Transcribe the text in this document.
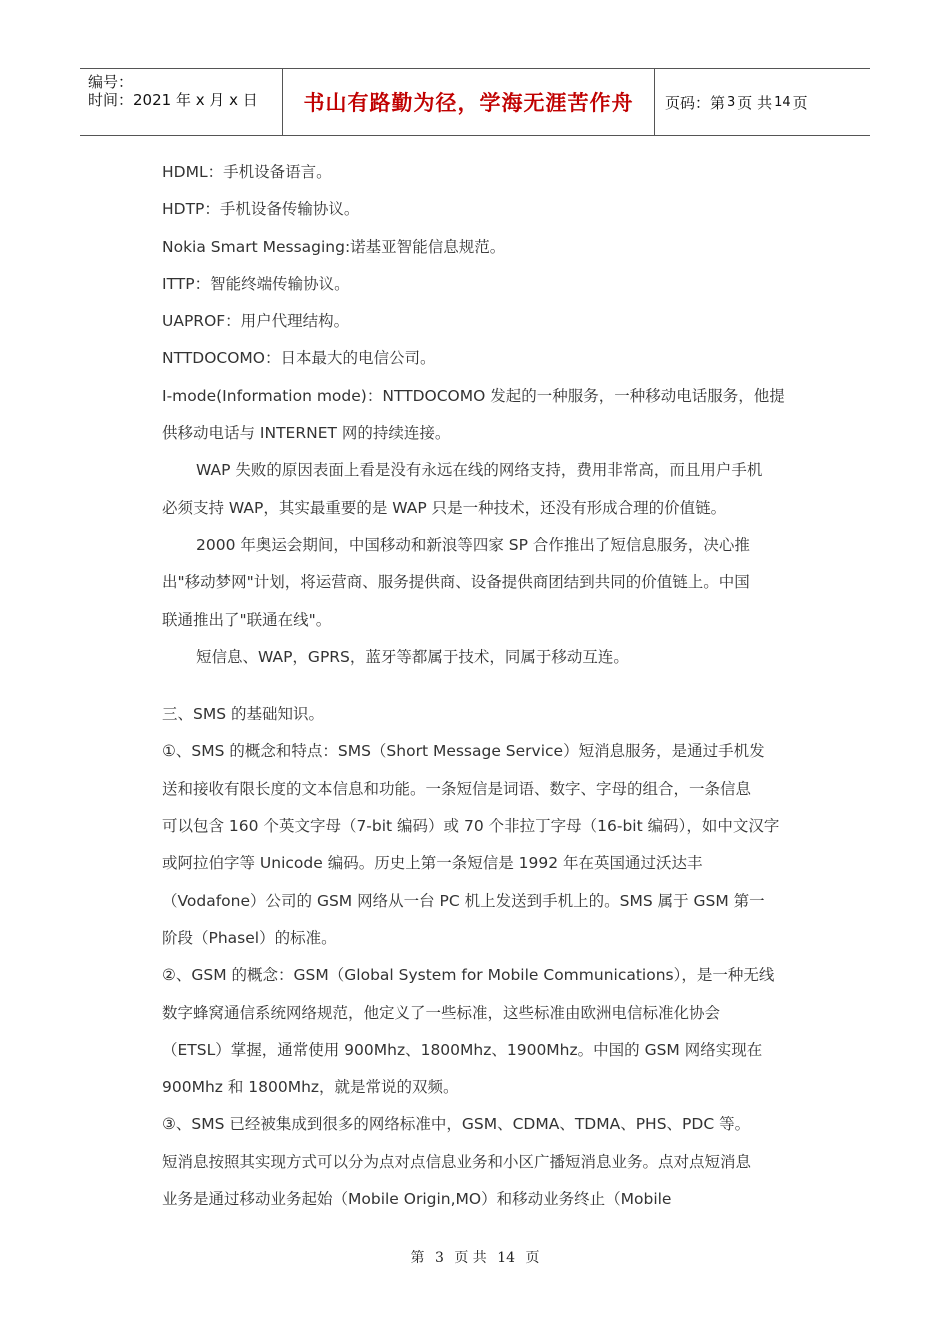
编号：
时间：2021 年 x 月 x 日	书山有路勤为径，学海无涯苦作舟 页码：第 3 页 共 14 页
HDML：手机设备语言。
HDTP：手机设备传输协议。
Nokia Smart Messaging:诺基亚智能信息规范。
ITTP：智能终端传输协议。
UAPROF：用户代理结构。
NTTDOCOMO：日本最大的电信公司。
I-mode(Information mode)：NTTDOCOMO 发起的一种服务，一种移动电话服务，他提
供移动电话与 INTERNET 网的持续连接。
WAP 失败的原因表面上看是没有永远在线的网络支持，费用非常高，而且用户手机
必须支持 WAP，其实最重要的是 WAP 只是一种技术，还没有形成合理的价值链。
2000 年奥运会期间，中国移动和新浪等四家 SP 合作推出了短信息服务，决心推
出"移动梦网"计划，将运营商、服务提供商、设备提供商团结到共同的价值链上。中国
联通推出了"联通在线"。
短信息、WAP，GPRS，蓝牙等都属于技术，同属于移动互连。
三、SMS 的基础知识。
①、SMS 的概念和特点：SMS（Short Message Service）短消息服务，是通过手机发
送和接收有限长度的文本信息和功能。一条短信是词语、数字、字母的组合，一条信息
可以包含 160 个英文字母（7-bit 编码）或 70 个非拉丁字母（16-bit 编码），如中文汉字
或阿拉伯字等 Unicode 编码。历史上第一条短信是 1992 年在英国通过沃达丰
（Vodafone）公司的 GSM 网络从一台 PC 机上发送到手机上的。SMS 属于 GSM 第一
阶段（Phasel）的标准。
②、GSM 的概念：GSM（Global System for Mobile Communications），是一种无线
数字蜂窝通信系统网络规范，他定义了一些标准，这些标准由欧洲电信标准化协会
（ETSL）掌握，通常使用 900Mhz、1800Mhz、1900Mhz。中国的 GSM 网络实现在
900Mhz 和 1800Mhz，就是常说的双频。
③、SMS 已经被集成到很多的网络标准中，GSM、CDMA、TDMA、PHS、PDC 等。
短消息按照其实现方式可以分为点对点信息业务和小区广播短消息业务。点对点短消息
业务是通过移动业务起始（Mobile Origin,MO）和移动业务终止（Mobile
第 3 页 共 14 页
